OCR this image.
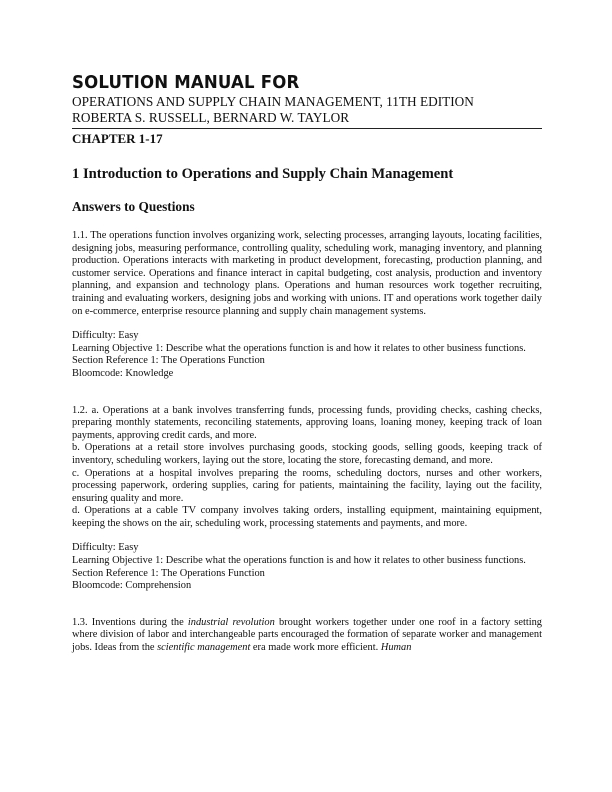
SOLUTION MANUAL FOR
OPERATIONS AND SUPPLY CHAIN MANAGEMENT, 11TH EDITION
ROBERTA S. RUSSELL, BERNARD W. TAYLOR
CHAPTER 1-17
1 Introduction to Operations and Supply Chain Management
Answers to Questions

1.1. The operations function involves organizing work, selecting processes, arranging layouts, locating facilities, designing jobs, measuring performance, controlling quality, scheduling work, managing inventory, and planning production. Operations interacts with marketing in product development, forecasting, production planning, and customer service. Operations and finance interact in capital budgeting, cost analysis, production and inventory planning, and expansion and technology plans. Operations and human resources work together recruiting, training and evaluating workers, designing jobs and working with unions. IT and operations work together daily on e-commerce, enterprise resource planning and supply chain management systems.

Difficulty: Easy
Learning Objective 1: Describe what the operations function is and how it relates to other business functions.
Section Reference 1: The Operations Function
Bloomcode: Knowledge

1.2. a. Operations at a bank involves transferring funds, processing funds, providing checks, cashing checks, preparing monthly statements, reconciling statements, approving loans, loaning money, keeping track of loan payments, approving credit cards, and more.

b. Operations at a retail store involves purchasing goods, stocking goods, selling goods, keeping track of inventory, scheduling workers, laying out the store, locating the store, forecasting demand, and more.

c. Operations at a hospital involves preparing the rooms, scheduling doctors, nurses and other workers, processing paperwork, ordering supplies, caring for patients, maintaining the facility, laying out the facility, ensuring quality and more.

d. Operations at a cable TV company involves taking orders, installing equipment, maintaining equipment, keeping the shows on the air, scheduling work, processing statements and payments, and more.

Difficulty: Easy
Learning Objective 1: Describe what the operations function is and how it relates to other business functions.
Section Reference 1: The Operations Function
Bloomcode: Comprehension

1.3. Inventions during the industrial revolution brought workers together under one roof in a factory setting where division of labor and interchangeable parts encouraged the formation of separate worker and management jobs. Ideas from the scientific management era made work more efficient. Human
